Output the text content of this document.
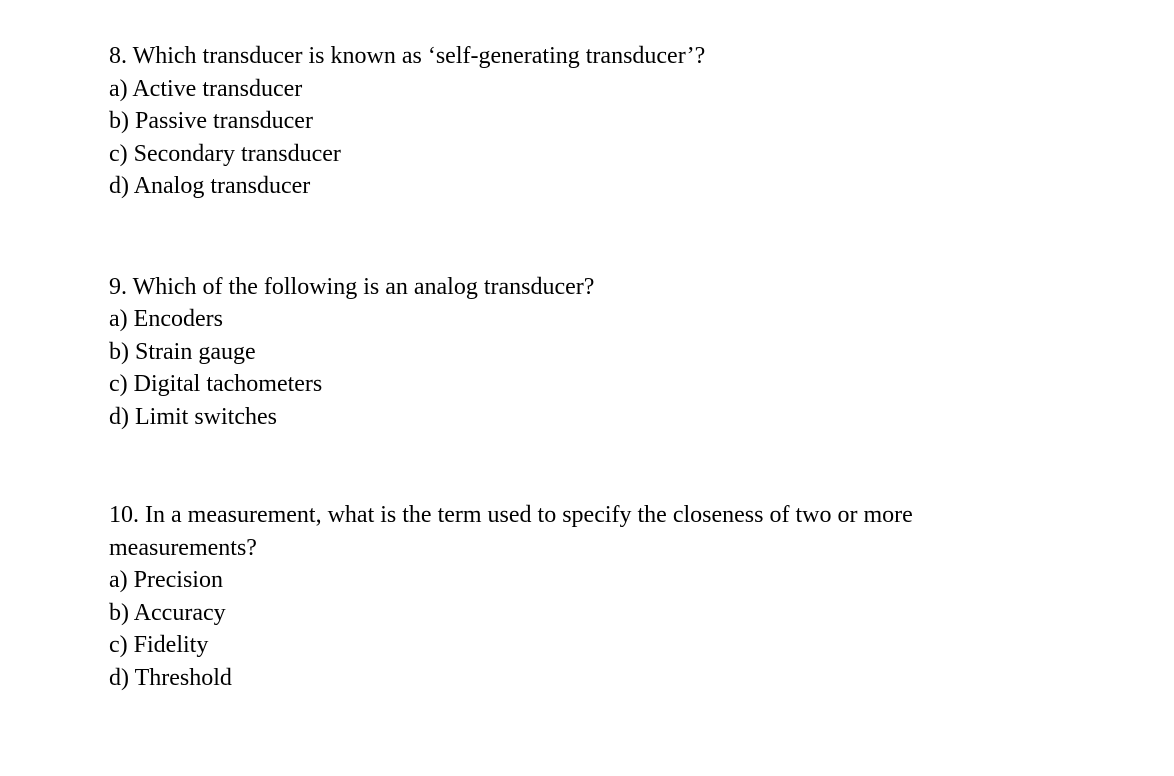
8. Which transducer is known as ‘self-generating transducer’?
a) Active transducer
b) Passive transducer
c) Secondary transducer
d) Analog transducer
9. Which of the following is an analog transducer?
a) Encoders
b) Strain gauge
c) Digital tachometers
d) Limit switches
10. In a measurement, what is the term used to specify the closeness of two or more measurements?
a) Precision
b) Accuracy
c) Fidelity
d) Threshold
